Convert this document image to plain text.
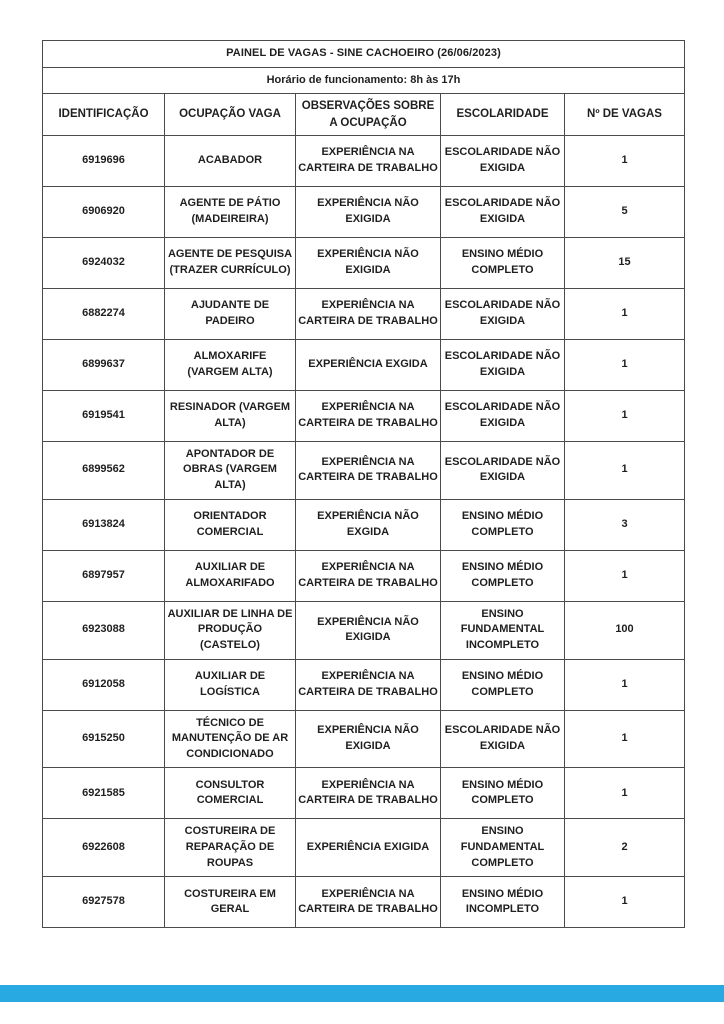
PAINEL DE VAGAS - SINE CACHOEIRO (26/06/2023)				
Horário de funcionamento: 8h às 17h				
IDENTIFICAÇÃO	OCUPAÇÃO VAGA	OBSERVAÇÕES SOBRE A OCUPAÇÃO	ESCOLARIDADE	Nº DE VAGAS
6919696	ACABADOR	EXPERIÊNCIA NA CARTEIRA DE TRABALHO	ESCOLARIDADE NÃO EXIGIDA	1
6906920	AGENTE DE PÁTIO (MADEIREIRA)	EXPERIÊNCIA NÃO EXIGIDA	ESCOLARIDADE NÃO EXIGIDA	5
6924032	AGENTE DE PESQUISA (TRAZER CURRÍCULO)	EXPERIÊNCIA NÃO EXIGIDA	ENSINO MÉDIO COMPLETO	15
6882274	AJUDANTE DE PADEIRO	EXPERIÊNCIA NA CARTEIRA DE TRABALHO	ESCOLARIDADE NÃO EXIGIDA	1
6899637	ALMOXARIFE (VARGEM ALTA)	EXPERIÊNCIA EXGIDA	ESCOLARIDADE NÃO EXIGIDA	1
6919541	RESINADOR (VARGEM ALTA)	EXPERIÊNCIA NA CARTEIRA DE TRABALHO	ESCOLARIDADE NÃO EXIGIDA	1
6899562	APONTADOR DE OBRAS (VARGEM ALTA)	EXPERIÊNCIA NA CARTEIRA DE TRABALHO	ESCOLARIDADE NÃO EXIGIDA	1
6913824	ORIENTADOR COMERCIAL	EXPERIÊNCIA NÃO EXGIDA	ENSINO MÉDIO COMPLETO	3
6897957	AUXILIAR DE ALMOXARIFADO	EXPERIÊNCIA NA CARTEIRA DE TRABALHO	ENSINO MÉDIO COMPLETO	1
6923088	AUXILIAR DE LINHA DE PRODUÇÃO (CASTELO)	EXPERIÊNCIA NÃO EXIGIDA	ENSINO FUNDAMENTAL INCOMPLETO	100
6912058	AUXILIAR DE LOGÍSTICA	EXPERIÊNCIA NA CARTEIRA DE TRABALHO	ENSINO MÉDIO COMPLETO	1
6915250	TÉCNICO DE MANUTENÇÃO DE AR CONDICIONADO	EXPERIÊNCIA NÃO EXIGIDA	ESCOLARIDADE NÃO EXIGIDA	1
6921585	CONSULTOR COMERCIAL	EXPERIÊNCIA NA CARTEIRA DE TRABALHO	ENSINO MÉDIO COMPLETO	1
6922608	COSTUREIRA DE REPARAÇÃO DE ROUPAS	EXPERIÊNCIA EXIGIDA	ENSINO FUNDAMENTAL COMPLETO	2
6927578	COSTUREIRA EM GERAL	EXPERIÊNCIA NA CARTEIRA DE TRABALHO	ENSINO MÉDIO INCOMPLETO	1
